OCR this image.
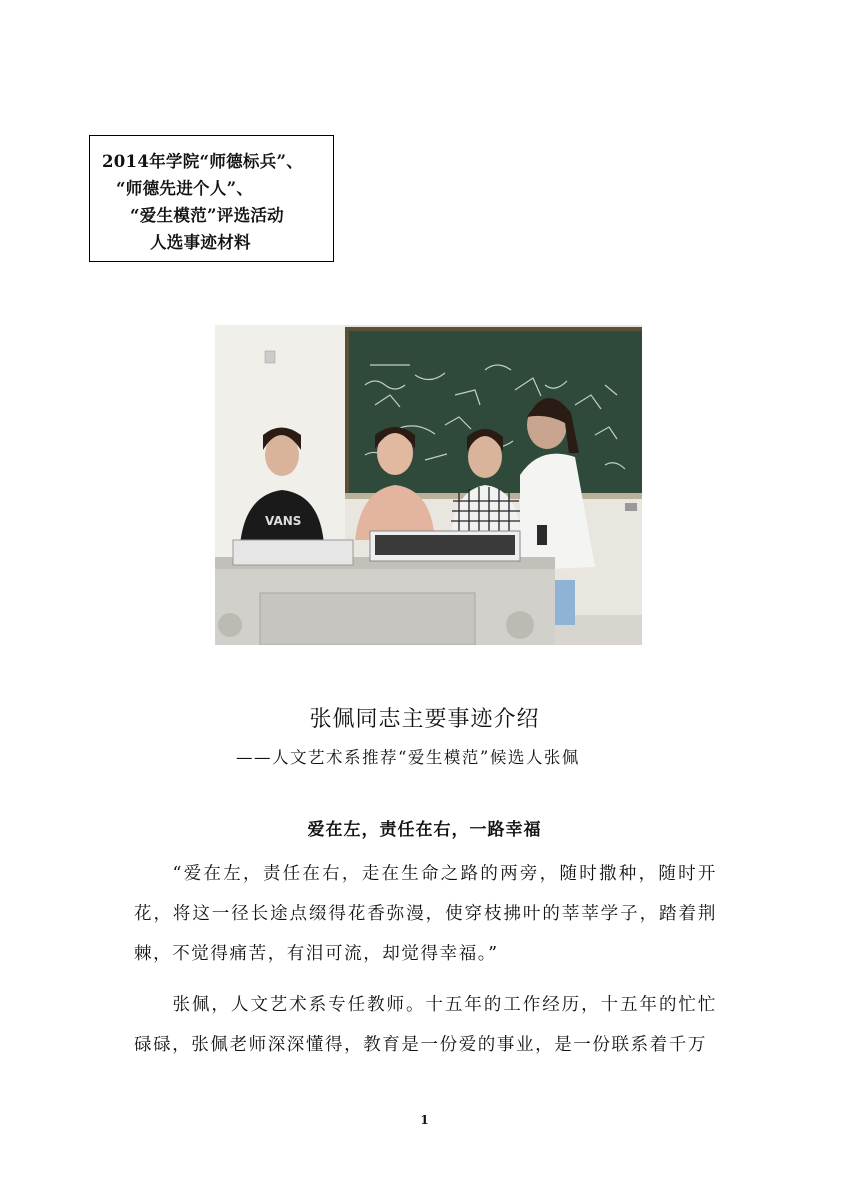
2014年学院“师德标兵”、
“师德先进个人”、
“爱生模范”评选活动
人选事迹材料
VANS
张佩同志主要事迹介绍
——人文艺术系推荐“爱生模范”候选人张佩
爱在左，责任在右，一路幸福

“爱在左，责任在右，走在生命之路的两旁，随时撒种，随时开花，将这一径长途点缀得花香弥漫，使穿枝拂叶的莘莘学子，踏着荆棘，不觉得痛苦，有泪可流，却觉得幸福。”

张佩，人文艺术系专任教师。十五年的工作经历，十五年的忙忙碌碌，张佩老师深深懂得，教育是一份爱的事业，是一份联系着千万

1
